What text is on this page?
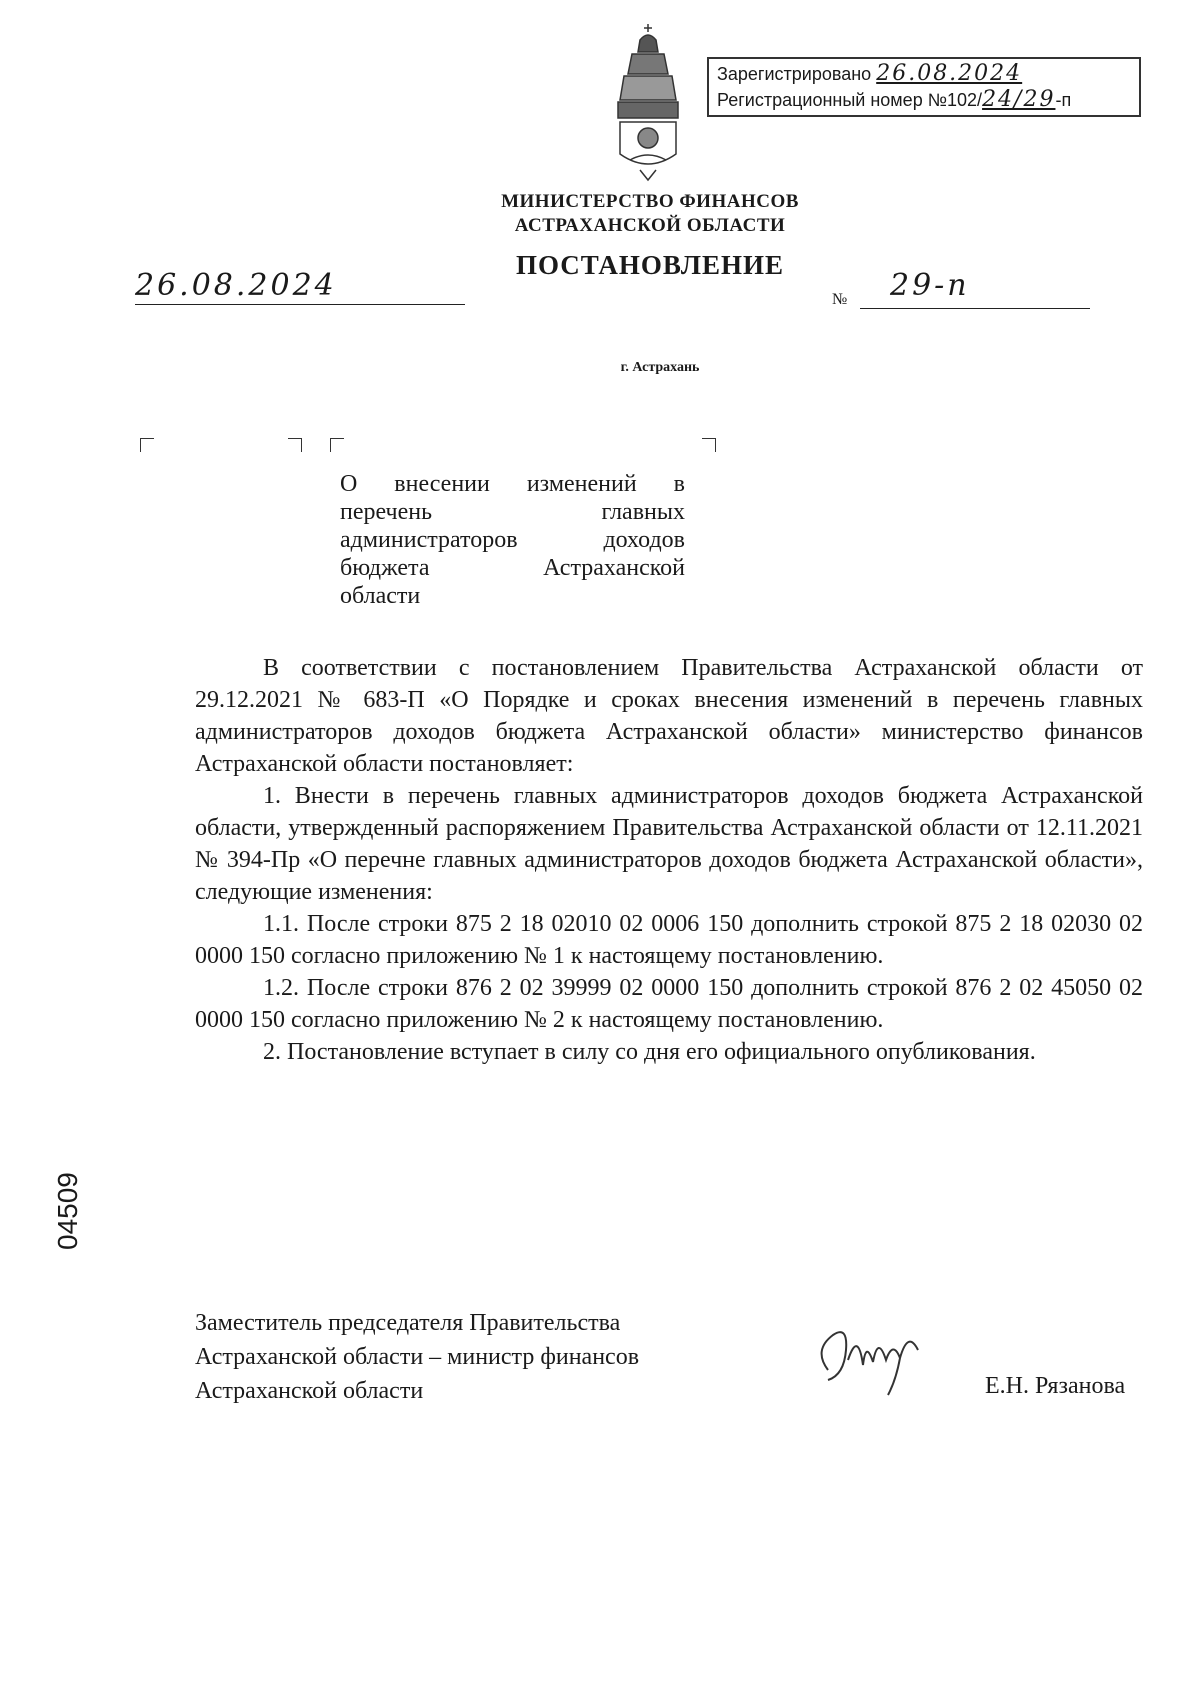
Зарегистрировано 26.08.2024
Регистрационный номер №102/24/29-п
МИНИСТЕРСТВО ФИНАНСОВ
АСТРАХАНСКОЙ ОБЛАСТИ
ПОСТАНОВЛЕНИЕ
26.08.2024	№	29-п
г. Астрахань
О внесении изменений в
перечень главных
администраторов доходов
бюджета Астраханской
области

В соответствии с постановлением Правительства Астраханской области от 29.12.2021 № 683-П «О Порядке и сроках внесения изменений в перечень главных администраторов доходов бюджета Астраханской области» министерство финансов Астраханской области постановляет:

1. Внести в перечень главных администраторов доходов бюджета Астраханской области, утвержденный распоряжением Правительства Астраханской области от 12.11.2021 № 394-Пр «О перечне главных администраторов доходов бюджета Астраханской области», следующие изменения:

1.1. После строки 875 2 18 02010 02 0006 150 дополнить строкой 875 2 18 02030 02 0000 150 согласно приложению № 1 к настоящему постановлению.

1.2. После строки 876 2 02 39999 02 0000 150 дополнить строкой 876 2 02 45050 02 0000 150 согласно приложению № 2 к настоящему постановлению.

2. Постановление вступает в силу со дня его официального опубликования.

Заместитель председателя Правительства
Астраханской области – министр финансов
Астраханской области	Е.Н. Рязанова
04509
